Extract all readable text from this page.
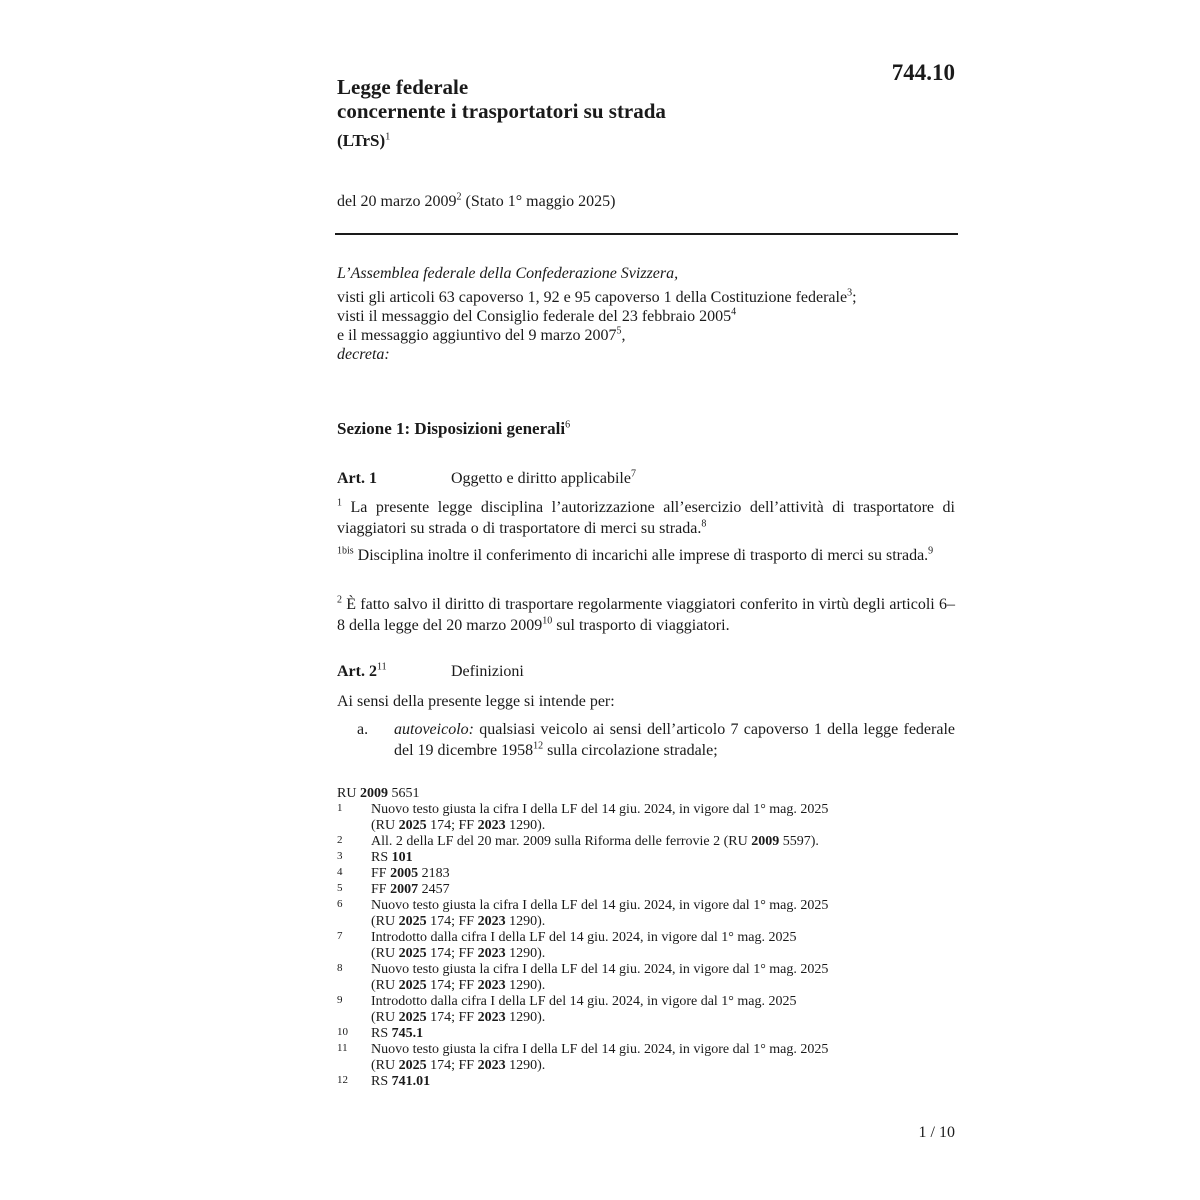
744.10
Legge federale
concernente i trasportatori su strada
(LTrS)$^1$
del 20 marzo 2009$^2$ (Stato 1° maggio 2025)
L’Assemblea federale della Confederazione Svizzera,
visti gli articoli 63 capoverso 1, 92 e 95 capoverso 1 della Costituzione federale$^3$;
visti il messaggio del Consiglio federale del 23 febbraio 2005$^4$
e il messaggio aggiuntivo del 9 marzo 2007$^5$,
decreta:
Sezione 1: Disposizioni generali$^6$
Art. 1	Oggetto e diritto applicabile$^7$
$^1$ La presente legge disciplina l’autorizzazione all’esercizio dell’attività di trasportatore di viaggiatori su strada o di trasportatore di merci su strada.$^8$
$^{1bis}$ Disciplina inoltre il conferimento di incarichi alle imprese di trasporto di merci su strada.$^9$
$^2$ È fatto salvo il diritto di trasportare regolarmente viaggiatori conferito in virtù degli articoli 6–8 della legge del 20 marzo 2009$^{10}$ sul trasporto di viaggiatori.
Art. $2^{11}$	Definizioni
Ai sensi della presente legge si intende per:
a. autoveicolo: qualsiasi veicolo ai sensi dell’articolo 7 capoverso 1 della legge federale del 19 dicembre 1958$^{12}$ sulla circolazione stradale;
RU 2009 5651
1 Nuovo testo giusta la cifra I della LF del 14 giu. 2024, in vigore dal 1° mag. 2025
(RU 2025 174; FF 2023 1290).
2 All. 2 della LF del 20 mar. 2009 sulla Riforma delle ferrovie 2 (RU 2009 5597).
3 RS 101
4 FF 2005 2183
5 FF 2007 2457
6 Nuovo testo giusta la cifra I della LF del 14 giu. 2024, in vigore dal 1° mag. 2025
(RU 2025 174; FF 2023 1290).
7 Introdotto dalla cifra I della LF del 14 giu. 2024, in vigore dal 1° mag. 2025
(RU 2025 174; FF 2023 1290).
8 Nuovo testo giusta la cifra I della LF del 14 giu. 2024, in vigore dal 1° mag. 2025
(RU 2025 174; FF 2023 1290).
9 Introdotto dalla cifra I della LF del 14 giu. 2024, in vigore dal 1° mag. 2025
(RU 2025 174; FF 2023 1290).
10 RS 745.1
11 Nuovo testo giusta la cifra I della LF del 14 giu. 2024, in vigore dal 1° mag. 2025
(RU 2025 174; FF 2023 1290).
12 RS 741.01
1 / 10
